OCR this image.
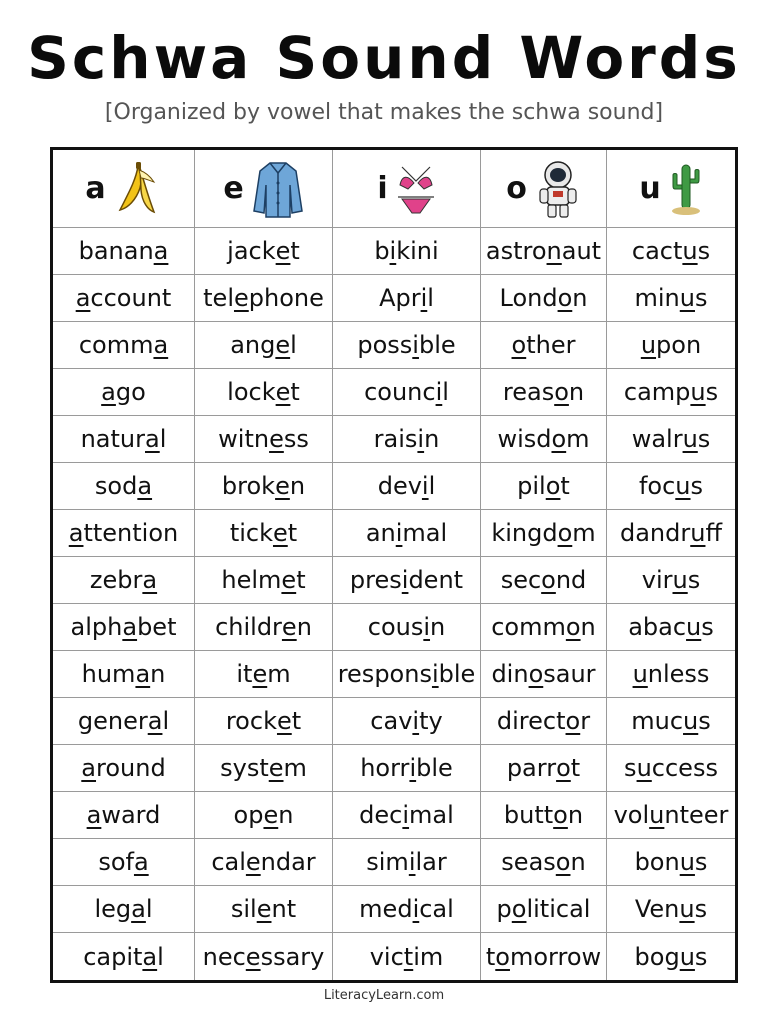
Schwa Sound Words
[Organized by vowel that makes the schwa sound]
a	e	i	o	u
banan a	jack e t	b i kini	astro n aut	cact u s
a ccount	tel e phone	Apr i l	Lond o n	min u s
comm a	ang e l	poss i ble	o ther	u pon
a go	lock e t	counc i l	reas o n	camp u s
natur a l	witn e ss	rais i n	wisd o m	walr u s
sod a	brok e n	dev i l	pil o t	foc u s
a ttention	tick e t	an i mal	kingd o m	dandr u ff
zebr a	helm e t	pres i dent	sec o nd	vir u s
alph a bet	childr e n	cous i n	comm o n	abac u s
hum a n	it e m	respons i ble din o saur	u nless
gener a l	rock e t	cav i ty	direct o r	muc u s
a round	syst e m	horr i ble	parr o t	s u ccess
a ward	op e n	dec i mal	butt o n	vol u nteer
sof a	cal e ndar	sim i lar	seas o n	bon u s
leg a l	sil e nt	med i cal	p o litical	Ven u s
capit a l	nec e ssary	vic t im	t o morrow	bog u s
LiteracyLearn.com
